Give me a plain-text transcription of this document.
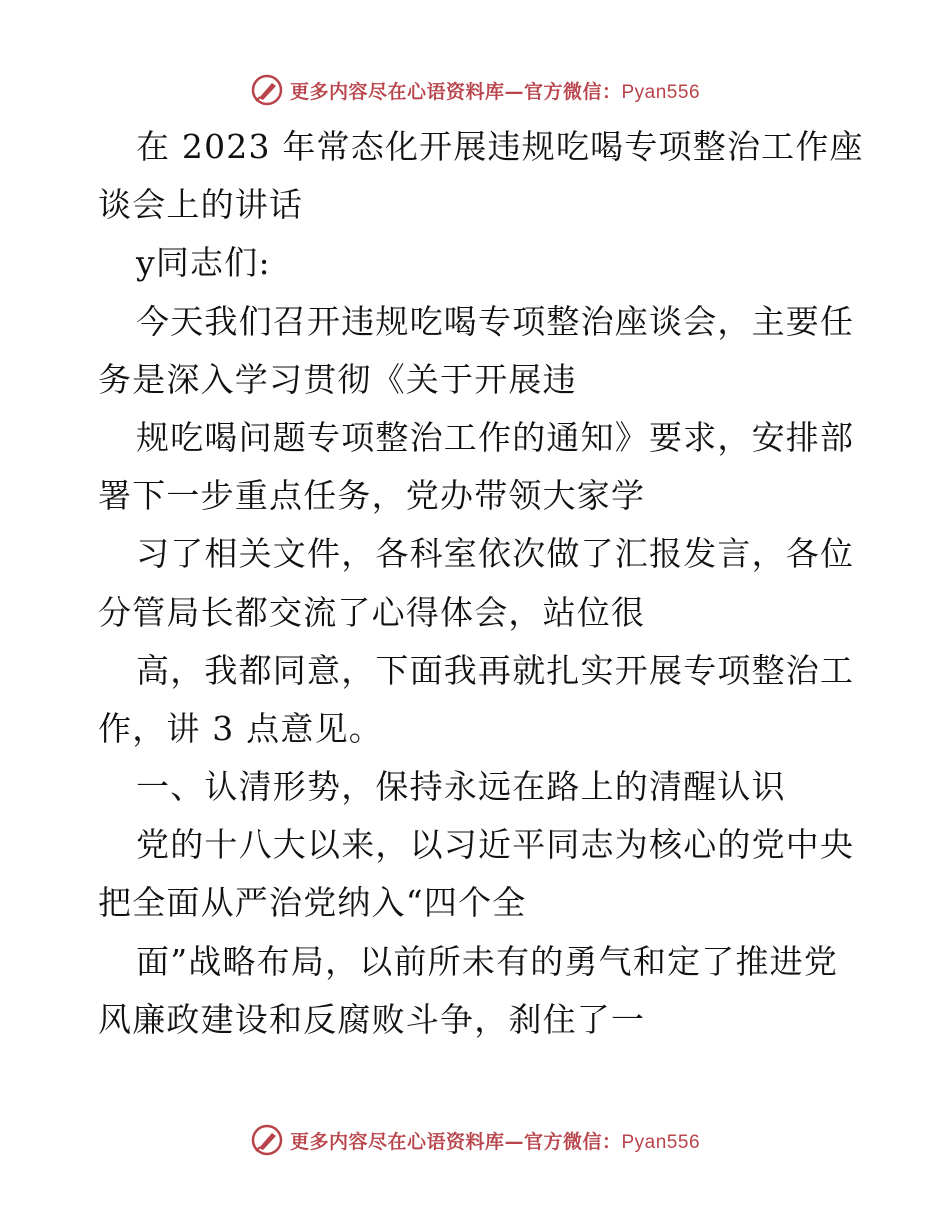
更多内容尽在心语资料库—官方微信：Pyan556
在 2023 年常态化开展违规吃喝专项整治工作座
谈会上的讲话
y同志们:
今天我们召开违规吃喝专项整治座谈会，主要任
务是深入学习贯彻《关于开展违
规吃喝问题专项整治工作的通知》要求，安排部
署下一步重点任务，党办带领大家学
习了相关文件，各科室依次做了汇报发言，各位
分管局长都交流了心得体会，站位很
高，我都同意，下面我再就扎实开展专项整治工
作，讲 3 点意见。
一、认清形势，保持永远在路上的清醒认识
党的十八大以来，以习近平同志为核心的党中央
把全面从严治党纳入“四个全
面”战略布局，以前所未有的勇气和定了推进党
风廉政建设和反腐败斗争，刹住了一
更多内容尽在心语资料库—官方微信：Pyan556
